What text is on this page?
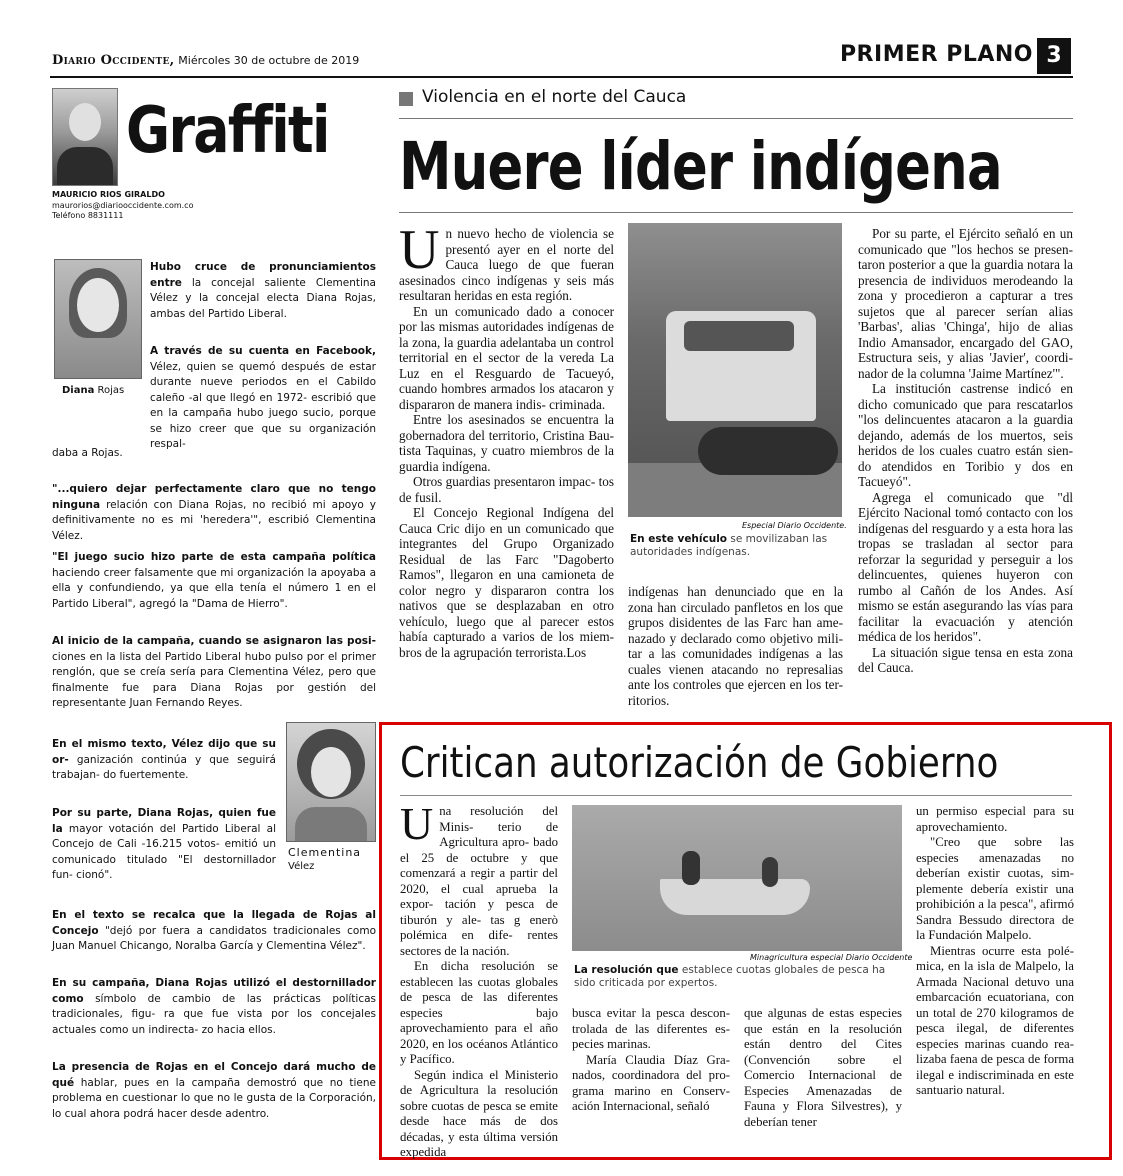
Diario Occidente, Miércoles 30 de octubre de 2019	PRIMER PLANO 3
Graffiti
MAURICIO RIOS GIRALDO
maurorios@diariooccidente.com.co
Teléfono 8831111
Diana Rojas
Hubo cruce de pronunciamientos entre la concejal saliente Clementina Vélez y la concejal electa Diana Rojas, ambas del Partido Liberal.
A través de su cuenta en Facebook, Vélez, quien se quemó después de estar durante nueve periodos en el Cabildo caleño -al que llegó en 1972- escribió que en la campaña hubo juego sucio, porque se hizo creer que que su organización respal-
daba a Rojas.
"...quiero dejar perfectamente claro que no tengo ninguna relación con Diana Rojas, no recibió mi apoyo y definitivamente no es mi 'heredera'", escribió Clementina Vélez.
"El juego sucio hizo parte de esta campaña política haciendo creer falsamente que mi organización la apoyaba a ella y confundiendo, ya que ella tenía el número 1 en el Partido Liberal", agregó la "Dama de Hierro".
Al inicio de la campaña, cuando se asignaron las posi- ciones en la lista del Partido Liberal hubo pulso por el primer renglón, que se creía sería para Clementina Vélez, pero que finalmente fue para Diana Rojas por gestión del representante Juan Fernando Reyes.
En el mismo texto, Vélez dijo que su or- ganización continúa y que seguirá trabajan- do fuertemente.
Por su parte, Diana Rojas, quien fue la mayor votación del Partido Liberal al Concejo de Cali -16.215 votos- emitió un comunicado titulado "El destornillador fun- cionó".
Clementina
Vélez
En el texto se recalca que la llegada de Rojas al Concejo "dejó por fuera a candidatos tradicionales como Juan Manuel Chicango, Noralba García y Clementina Vélez".
En su campaña, Diana Rojas utilizó el destornillador como símbolo de cambio de las prácticas políticas tradicionales, figu- ra que fue vista por los concejales actuales como un indirecta- zo hacia ellos.
La presencia de Rojas en el Concejo dará mucho de qué hablar, pues en la campaña demostró que no tiene problema en cuestionar lo que no le gusta de la Corporación, lo cual ahora podrá hacer desde adentro.
Violencia en el norte del Cauca
Muere líder indígena

Un nuevo hecho de violencia se presentó ayer en el norte del Cauca luego de que fueran asesinados cinco indígenas y seis más resultaran heridas en esta región.

En un comunicado dado a conocer por las mismas autoridades indígenas de la zona, la guardia adelantaba un control territorial en el sector de la vereda La Luz en el Resguardo de Tacueyó, cuando hombres armados los atacaron y dispararon de manera indis- criminada.

Entre los asesinados se encuentra la gobernadora del territorio, Cristina Bau-tista Taquinas, y cuatro miembros de la guardia indígena.

Otros guardias presentaron impac- tos de fusil.

El Concejo Regional Indígena del Cauca Cric dijo en un comunicado que integrantes del Grupo Organizado Residual de las Farc "Dagoberto Ramos", llegaron en una camioneta de color negro y dispararon contra los nativos que se desplazaban en otro vehículo, luego que al parecer estos había capturado a varios de los miem- bros de la agrupación terrorista.Los

Especial Diario Occidente.
En este vehículo se movilizaban las autoridades indígenas.

indígenas han denunciado que en la zona han circulado panfletos en los que grupos disidentes de las Farc han ame- nazado y declarado como objetivo mili- tar a las comunidades indígenas a las cuales vienen atacando no represalias ante los controles que ejercen en los ter- ritorios.

Por su parte, el Ejército señaló en un comunicado que "los hechos se presen- taron posterior a que la guardia notara la presencia de individuos merodeando la zona y procedieron a capturar a tres sujetos que al parecer serían alias 'Barbas', alias 'Chinga', hijo de alias Indio Amansador, encargado del GAO, Estructura seis, y alias 'Javier', coordi- nador de la columna 'Jaime Martínez'".

La institución castrense indicó en dicho comunicado que para rescatarlos "los delincuentes atacaron a la guardia dejando, además de los muertos, seis heridos de los cuales cuatro están sien- do atendidos en Toribio y dos en Tacueyó".

Agrega el comunicado que "dl Ejército Nacional tomó contacto con los indígenas del resguardo y a esta hora las tropas se trasladan al sector para reforzar la seguridad y perseguir a los delincuentes, quienes huyeron con rumbo al Cañón de los Andes. Así mismo se están asegurando las vías para facilitar la evacuación y atención médica de los heridos".

La situación sigue tensa en esta zona del Cauca.

Critican autorización de Gobierno

Una resolución del Minis- terio de Agricultura apro- bado el 25 de octubre y que comenzará a regir a partir del 2020, el cual aprueba la expor- tación y pesca de tiburón y ale- tas g enerò polémica en dife- rentes sectores de la nación.

En dicha resolución se establecen las cuotas globales de pesca de las diferentes especies bajo aprovechamiento para el año 2020, en los océanos Atlántico y Pacífico.

Según indica el Ministerio de Agricultura la resolución sobre cuotas de pesca se emite desde hace más de dos décadas, y esta última versión expedida

Minagricultura especial Diario Occidente
La resolución que establece cuotas globales de pesca ha sido criticada por expertos.

busca evitar la pesca descon- trolada de las diferentes es- pecies marinas.

María Claudia Díaz Gra- nados, coordinadora del pro- grama marino en Conserv- ación Internacional, señaló

que algunas de estas especies que están en la resolución están dentro del Cites (Convención sobre el Comercio Internacional de Especies Amenazadas de Fauna y Flora Silvestres), y deberían tener

un permiso especial para su aprovechamiento.

"Creo que sobre las especies amenazadas no deberían existir cuotas, sim- plemente debería existir una prohibición a la pesca", afirmó Sandra Bessudo directora de la Fundación Malpelo.

Mientras ocurre esta polé- mica, en la isla de Malpelo, la Armada Nacional detuvo una embarcación ecuatoriana, con un total de 270 kilogramos de pesca ilegal, de diferentes especies marinas cuando rea- lizaba faena de pesca de forma ilegal e indiscriminada en este santuario natural.
